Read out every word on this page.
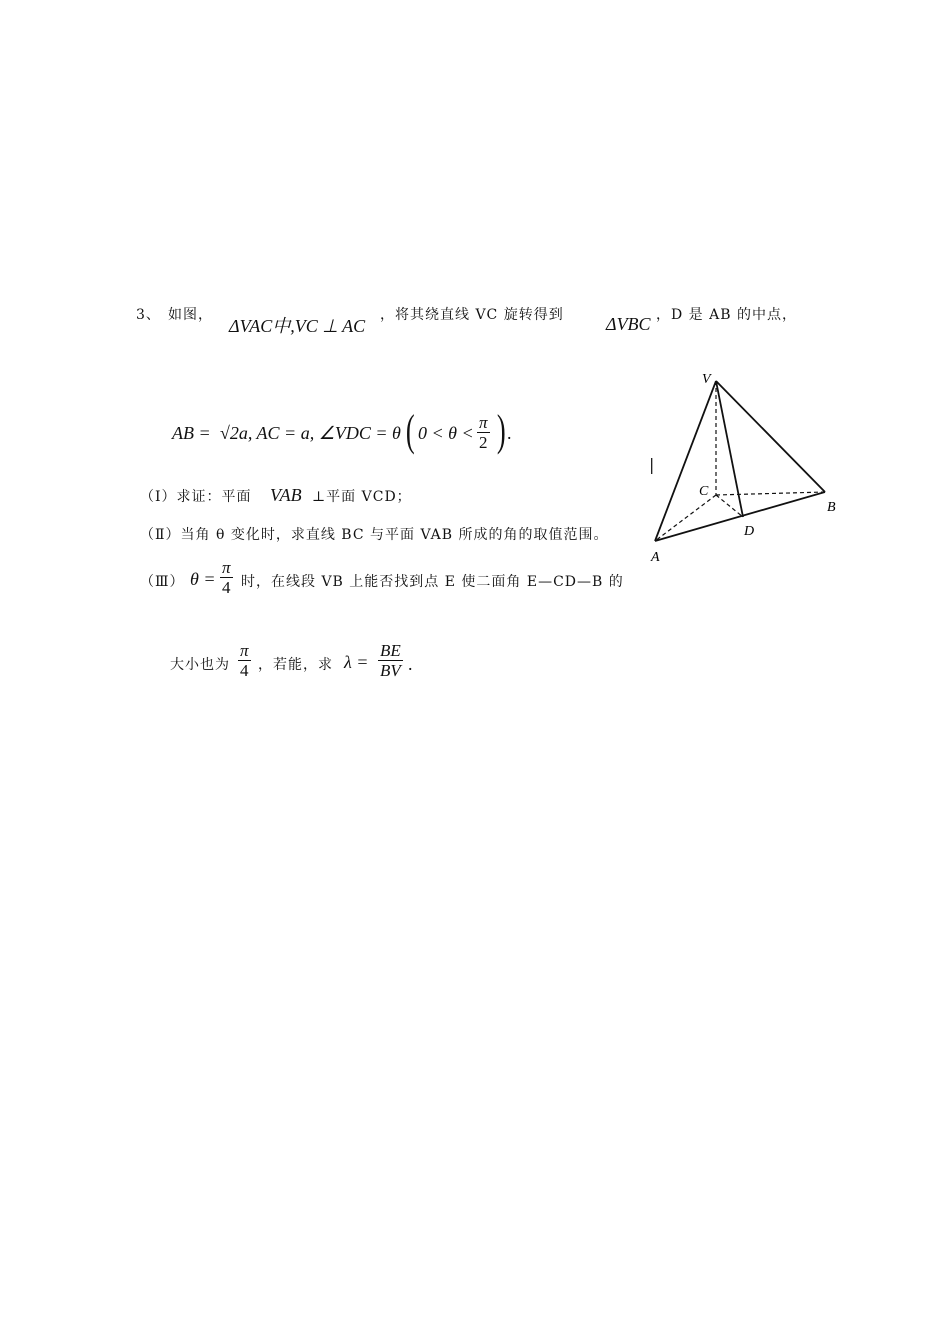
3、 如图，
ΔVAC中,VC ⊥ AC
，将其绕直线 VC 旋转得到 ΔVBC ，D 是 AB 的中点，
AB = √2a, AC = a, ∠VDC = θ ( $0 < \theta < \frac{\pi}{2}$ ) .
（Ⅰ）求证：平面 VAB ⊥平面 VCD；
（Ⅱ）当角 θ 变化时，求直线 BC 与平面 VAB 所成的角的取值范围。
（Ⅲ） $\theta = \frac{\pi}{4}$ 时，在线段 VB 上能否找到点 E 使二面角 E—CD—B 的
大小也为 $\frac{\pi}{4}$ ，若能，求 $\lambda = \frac{BE}{BV}$ .
V
C
D
A
B
|
